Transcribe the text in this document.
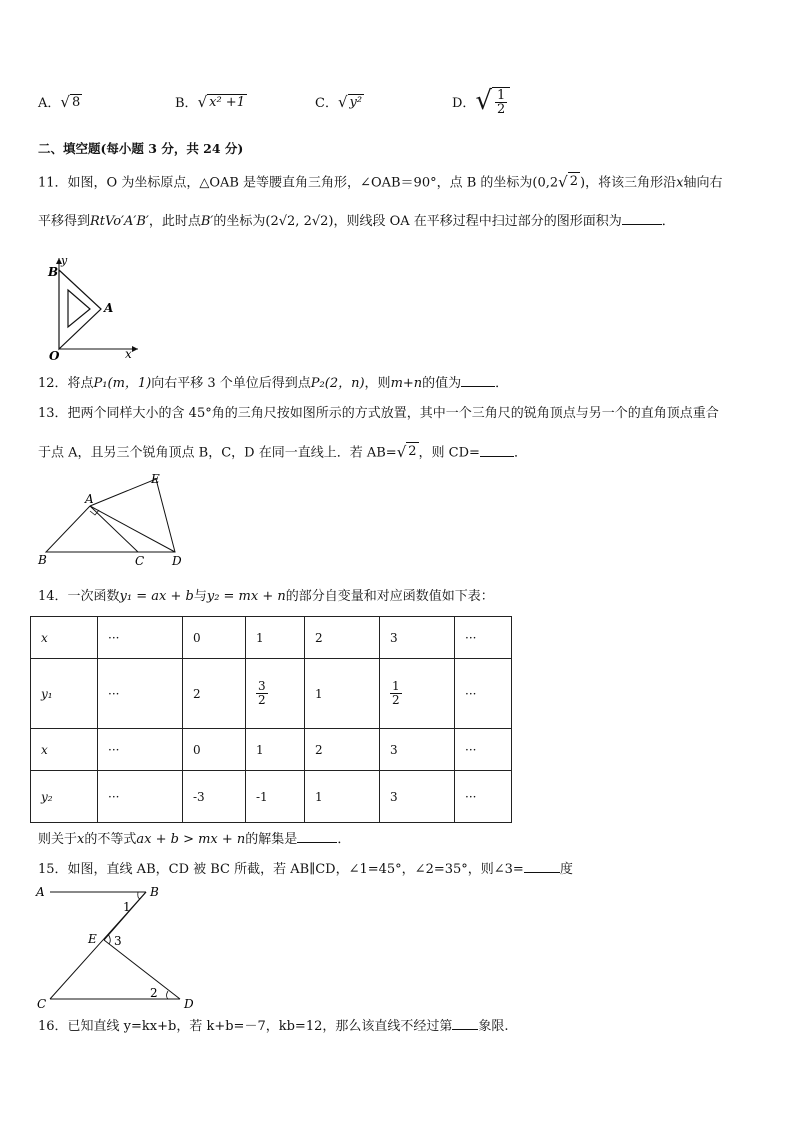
A． √ 8	B． √ x² +1	C． √ y²	D． √ $\frac{1}{2}$
二、填空题(每小题 3 分，共 24 分)
11．如图，O 为坐标原点，△OAB 是等腰直角三角形，∠OAB＝90°，点 B 的坐标为(0,2 √ 2 )，将该三角形沿x轴向右
平移得到RtVo′A′B′，此时点B′的坐标为(2√2, 2√2)，则线段 OA 在平移过程中扫过部分的图形面积为	．
B
y
A
O	x
12．将点P₁(m，1)向右平移 3 个单位后得到点P₂(2，n)，则m+n的值为	．
13．把两个同样大小的含 45°角的三角尺按如图所示的方式放置，其中一个三角尺的锐角顶点与另一个的直角顶点重合
于点 A，且另三个锐角顶点 B，C，D 在同一直线上．若 AB= √ 2 ，则 CD=	．
A
E
B	C D
14．一次函数y₁ = ax + b与y₂ = mx + n的部分自变量和对应函数值如下表：
x	···	0	1	2	3	···
y₁	···	2	$\frac{3}{2}$	1	$\frac{1}{2}$	···
x	···	0	1	2	3	···
y₂	···	-3	-1	1	3	···
则关于x的不等式ax + b > mx + n的解集是	．
15．如图，直线 AB，CD 被 BC 所截，若 AB∥CD，∠1=45°，∠2=35°，则∠3=	度
A	B
1
E 3
C
2
D
16．已知直线 y=kx+b，若 k+b=－7，kb=12，那么该直线不经过第 象限.
